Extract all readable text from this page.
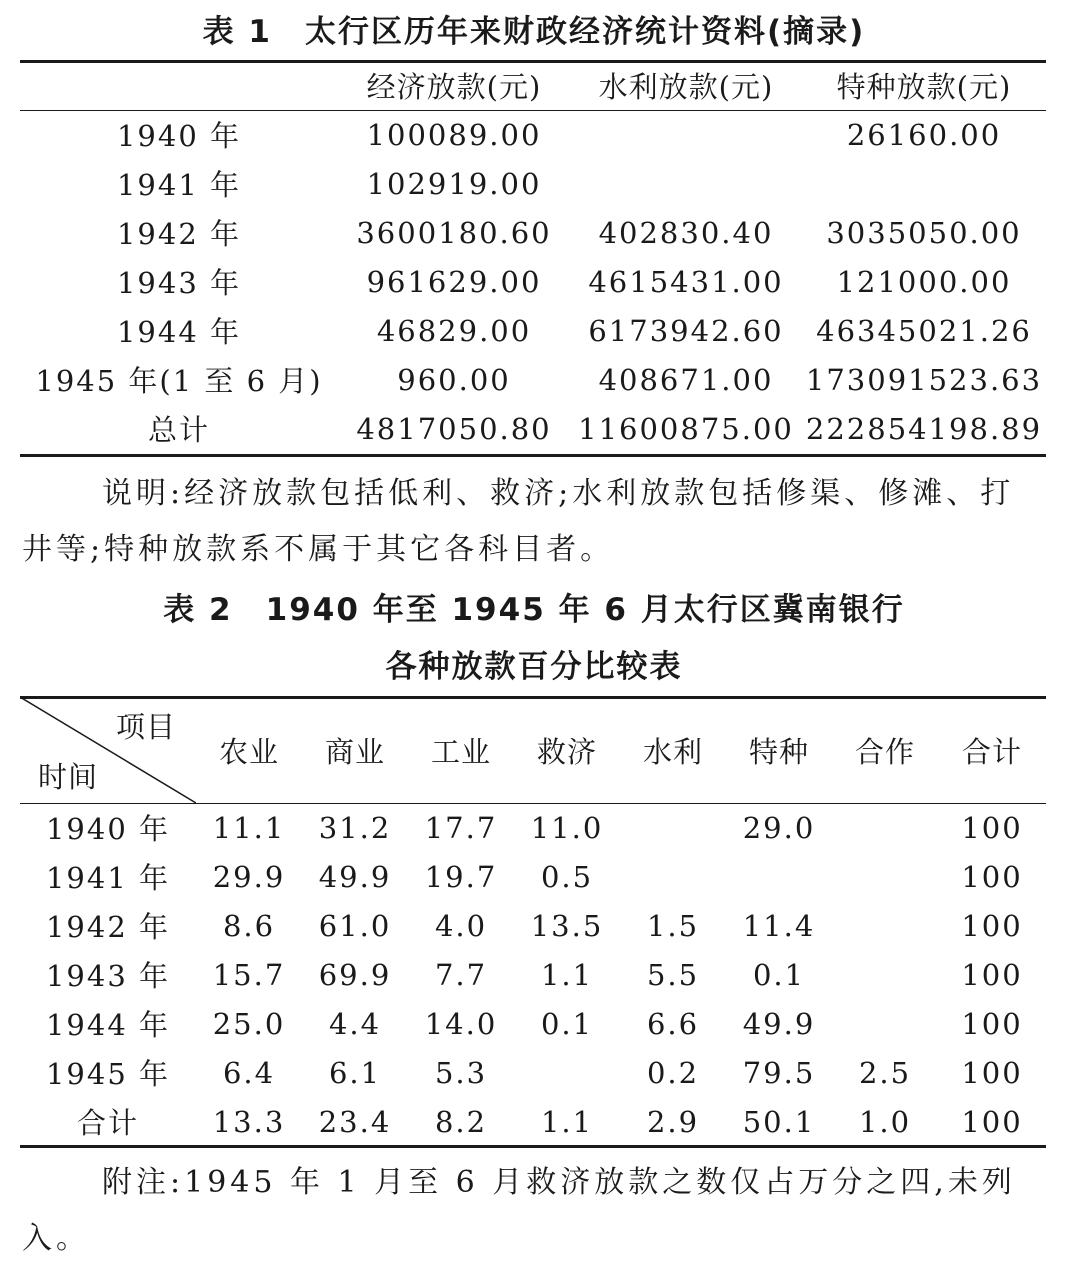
表 1　太行区历年来财政经济统计资料(摘录)
	经济放款(元)	水利放款(元)	特种放款(元)
1940 年	100089.00		26160.00
1941 年	102919.00		
1942 年	3600180.60	402830.40	3035050.00
1943 年	961629.00	4615431.00	121000.00
1944 年	46829.00	6173942.60	46345021.26
1945 年(1 至 6 月)	960.00	408671.00	173091523.63
总计	4817050.80	11600875.00	222854198.89
说明:经济放款包括低利、救济;水利放款包括修渠、修滩、打井等;特种放款系不属于其它各科目者。
表 2　1940 年至 1945 年 6 月太行区冀南银行
各种放款百分比较表
项目
时间	农业	商业	工业	救济	水利	特种	合作	合计
1940 年	11.1	31.2	17.7	11.0		29.0		100
1941 年	29.9	49.9	19.7	0.5				100
1942 年	8.6	61.0	4.0	13.5	1.5	11.4		100
1943 年	15.7	69.9	7.7	1.1	5.5	0.1		100
1944 年	25.0	4.4	14.0	0.1	6.6	49.9		100
1945 年	6.4	6.1	5.3		0.2	79.5	2.5	100
合计	13.3	23.4	8.2	1.1	2.9	50.1	1.0	100
附注:1945 年 1 月至 6 月救济放款之数仅占万分之四,未列入。
